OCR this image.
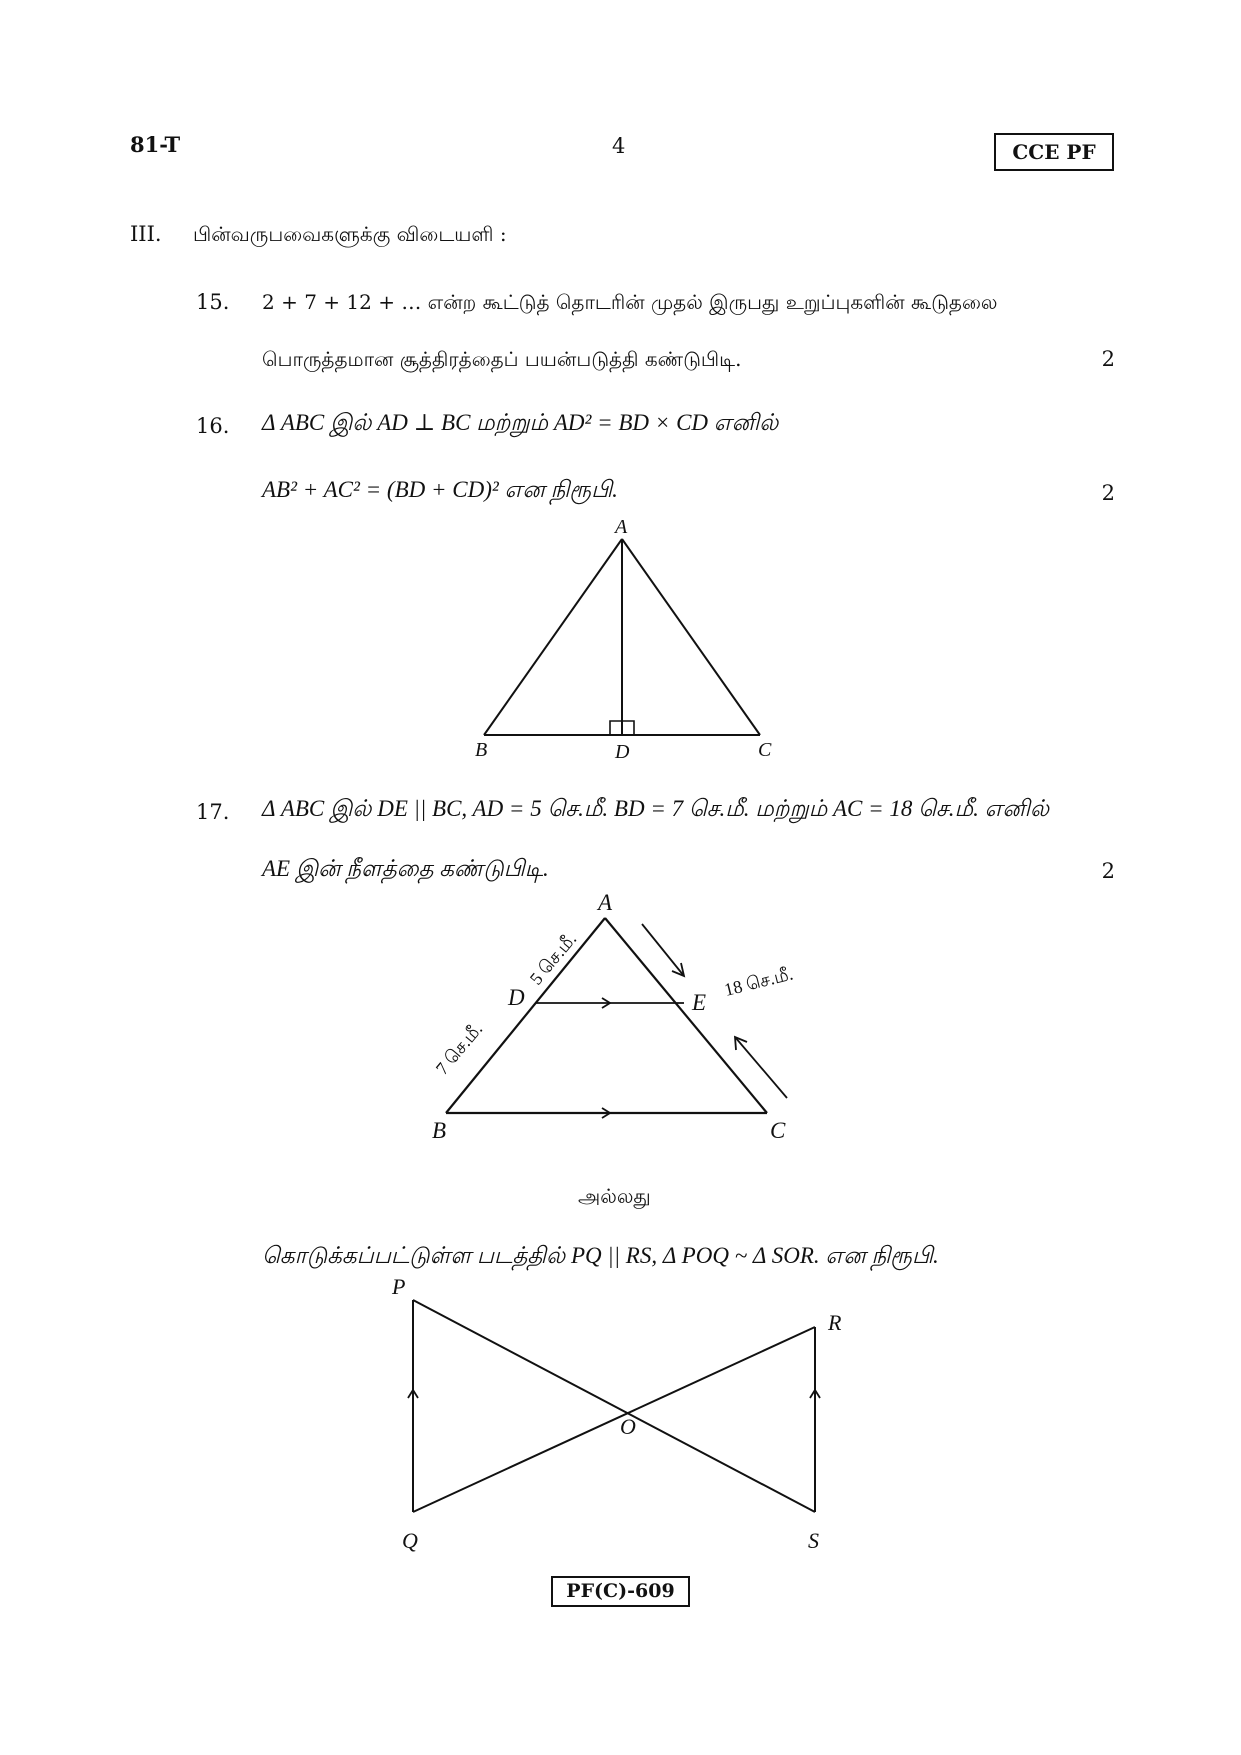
81-T	4	CCE PF
III. பின்வருபவைகளுக்கு விடையளி :
15. 2 + 7 + 12 + … என்ற கூட்டுத் தொடரின் முதல் இருபது உறுப்புகளின் கூடுதலை
பொருத்தமான சூத்திரத்தைப் பயன்படுத்தி கண்டுபிடி.	2
16. Δ ABC இல் AD ⊥ BC மற்றும் AD² = BD × CD எனில்
AB² + AC² = (BD + CD)² என நிரூபி.	2
A
B	D	C
17. Δ ABC இல் DE || BC, AD = 5 செ.மீ. BD = 7 செ.மீ. மற்றும் AC = 18 செ.மீ. எனில்
AE இன் நீளத்தை கண்டுபிடி.	2
A
D	E
B	C
5 செ.மீ.
7 செ.மீ.
18 செ.மீ.
அல்லது
கொடுக்கப்பட்டுள்ள படத்தில் PQ || RS, Δ POQ ~ Δ SOR. என நிரூபி.
P
R
O
Q	S
PF(C)-609
